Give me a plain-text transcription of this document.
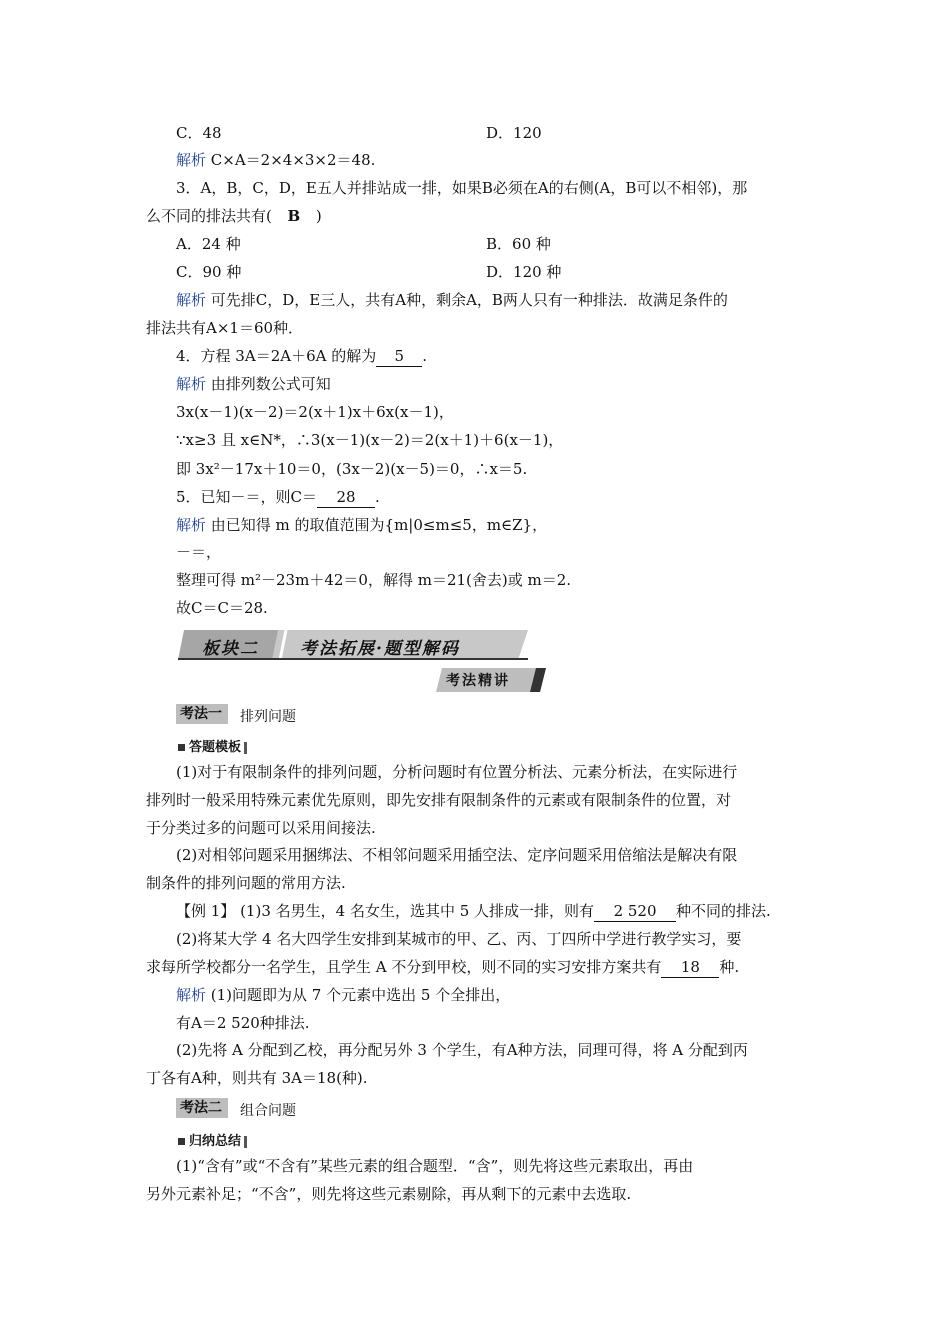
C．48	D．120
解析 C×A＝2×4×3×2＝48.
3．A，B，C，D，E五人并排站成一排，如果B必须在A的右侧(A，B可以不相邻)，那
么不同的排法共有( B )
A．24 种	B．60 种
C．90 种	D．120 种
解析 可先排C，D，E三人，共有A种，剩余A，B两人只有一种排法．故满足条件的
排法共有A×1＝60种．
4．方程 3A＝2A＋6A 的解为 5 .
解析 由排列数公式可知
3x(x－1)(x－2)＝2(x＋1)x＋6x(x－1)，
∵x≥3 且 x∈N*，∴3(x－1)(x－2)＝2(x＋1)＋6(x－1)，
即 3x²－17x＋10＝0，(3x－2)(x－5)＝0，∴x＝5.
5．已知－＝，则C＝ 28 .
解析 由已知得 m 的取值范围为{m|0≤m≤5，m∈Z}，
－＝，
整理可得 m²－23m＋42＝0，解得 m＝21(舍去)或 m＝2.
故C＝C＝28.
板块二 考法拓展·题型解码
考法精讲
考法一	排列问题
答题模板
(1)对于有限制条件的排列问题，分析问题时有位置分析法、元素分析法，在实际进行
排列时一般采用特殊元素优先原则，即先安排有限制条件的元素或有限制条件的位置，对
于分类过多的问题可以采用间接法.
(2)对相邻问题采用捆绑法、不相邻问题采用插空法、定序问题采用倍缩法是解决有限
制条件的排列问题的常用方法.
【例 1】 (1)3 名男生，4 名女生，选其中 5 人排成一排，则有 2 520 种不同的排法.
(2)将某大学 4 名大四学生安排到某城市的甲、乙、丙、丁四所中学进行教学实习，要
求每所学校都分一名学生，且学生 A 不分到甲校，则不同的实习安排方案共有 18 种.
解析 (1)问题即为从 7 个元素中选出 5 个全排出，
有A＝2 520种排法.
(2)先将 A 分配到乙校，再分配另外 3 个学生，有A种方法，同理可得，将 A 分配到丙
丁各有A种，则共有 3A＝18(种).
考法二	组合问题
归纳总结
(1)“含有”或“不含有”某些元素的组合题型．“含”，则先将这些元素取出，再由
另外元素补足；“不含”，则先将这些元素剔除，再从剩下的元素中去选取.
